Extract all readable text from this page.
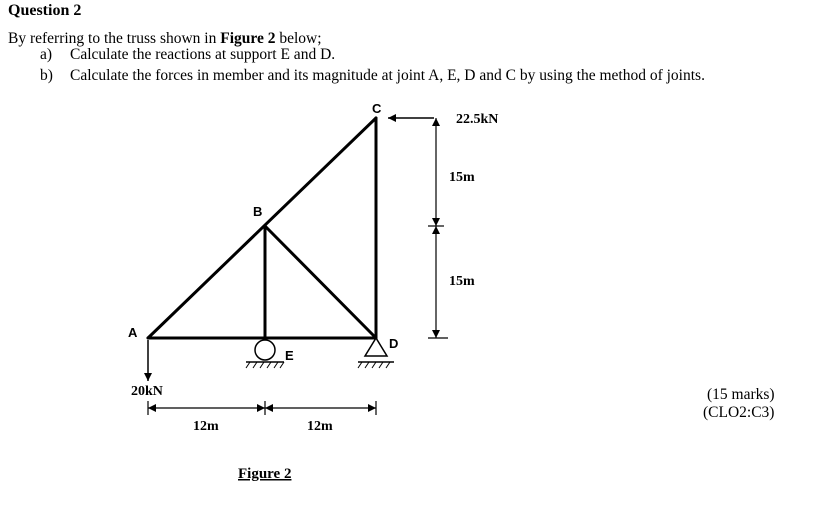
Question 2
By referring to the truss shown in Figure 2 below;
a) Calculate the reactions at support E and D.
b) Calculate the forces in member and its magnitude at joint A, E, D and C by using the method of joints.
A
B
C
D
E
22.5kN
20kN
15m
15m
12m	12m
(15 marks)
(CLO2:C3)
Figure 2
